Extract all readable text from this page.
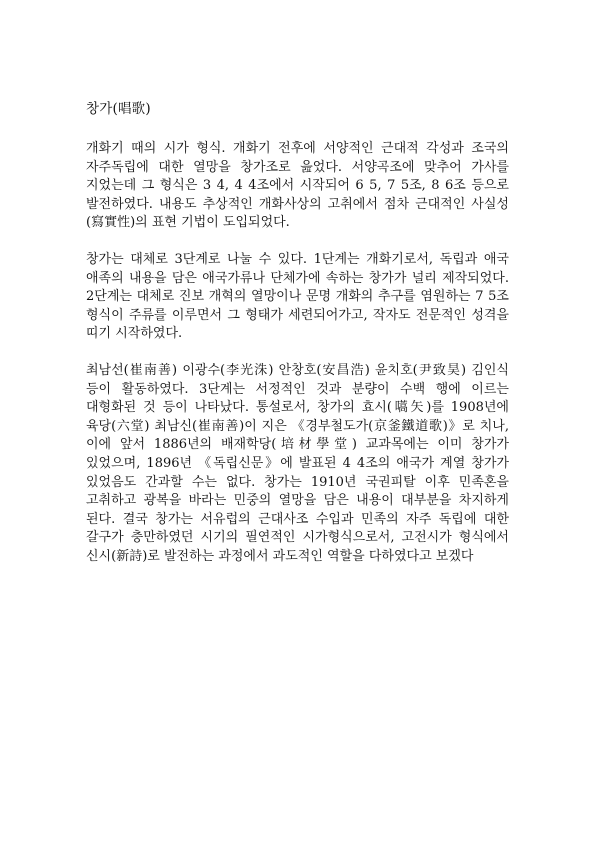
창가(唱歌)

개화기 때의 시가 형식. 개화기 전후에 서양적인 근대적 각성과 조국의 자주독립에 대한 열망을 창가조로 읊었다. 서양곡조에 맞추어 가사를 지었는데 그 형식은 3 4, 4 4조에서 시작되어 6 5, 7 5조, 8 6조 등으로 발전하였다. 내용도 추상적인 개화사상의 고취에서 점차 근대적인 사실성(寫實性)의 표현 기법이 도입되었다.

창가는 대체로 3단계로 나눌 수 있다. 1단계는 개화기로서, 독립과 애국 애족의 내용을 담은 애국가류나 단체가에 속하는 창가가 널리 제작되었다. 2단계는 대체로 진보 개혁의 열망이나 문명 개화의 추구를 염원하는 7 5조 형식이 주류를 이루면서 그 형태가 세련되어가고, 작자도 전문적인 성격을 띠기 시작하였다.

최남선(崔南善) 이광수(李光洙) 안창호(安昌浩) 윤치호(尹致昊) 김인식 등이 활동하였다. 3단계는 서정적인 것과 분량이 수백 행에 이르는 대형화된 것 등이 나타났다. 통설로서, 창가의 효시(嚆矢)를 1908년에 육당(六堂) 최남신(崔南善)이 지은 《경부철도가(京釜鐵道歌)》로 치나, 이에 앞서 1886년의 배재학당(培材學堂) 교과목에는 이미 창가가 있었으며, 1896년 《독립신문》에 발표된 4 4조의 애국가 계열 창가가 있었음도 간과할 수는 없다. 창가는 1910년 국권피탈 이후 민족혼을 고취하고 광복을 바라는 민중의 열망을 담은 내용이 대부분을 차지하게 된다. 결국 창가는 서유럽의 근대사조 수입과 민족의 자주 독립에 대한 갈구가 충만하였던 시기의 필연적인 시가형식으로서, 고전시가 형식에서 신시(新詩)로 발전하는 과정에서 과도적인 역할을 다하였다고 보겠다
